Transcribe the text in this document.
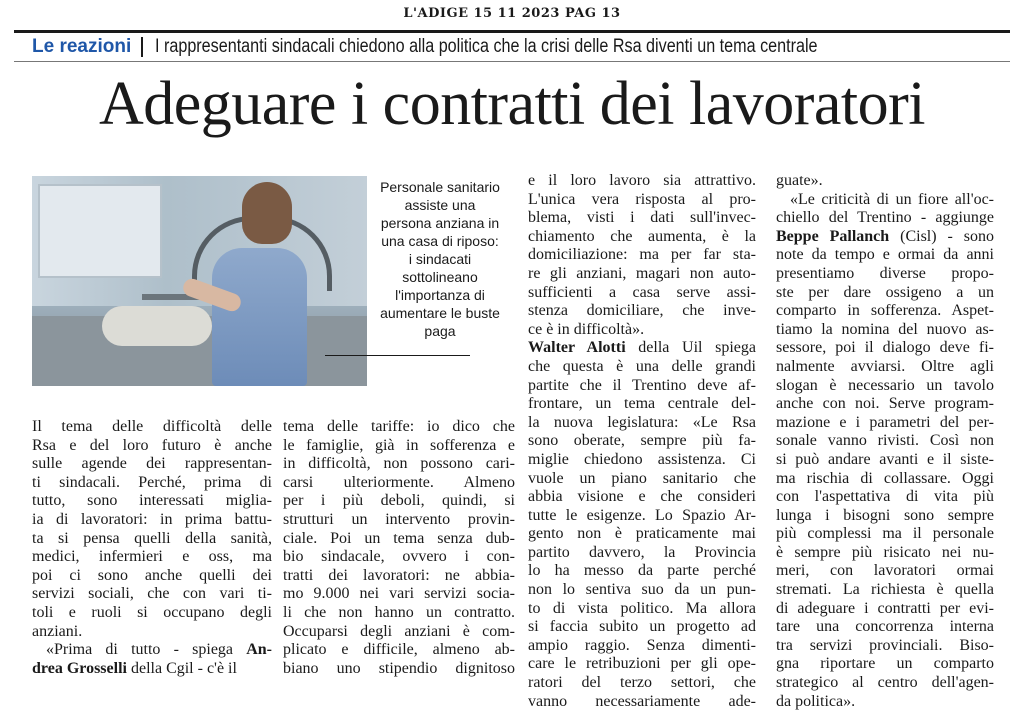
L'ADIGE 15 11 2023 PAG 13
Le reazioni	I rappresentanti sindacali chiedono alla politica che la crisi delle Rsa diventi un tema centrale
Adeguare i contratti dei lavoratori
Personale sanitario assiste una persona anziana in una casa di riposo: i sindacati sottolineano l'importanza di aumentare le buste paga
Il tema delle difficoltà delle
Rsa e del loro futuro è anche
sulle agende dei rappresentan-
ti sindacali. Perché, prima di
tutto, sono interessati miglia-
ia di lavoratori: in prima battu-
ta si pensa quelli della sanità,
medici, infermieri e oss, ma
poi ci sono anche quelli dei
servizi sociali, che con vari ti-
toli e ruoli si occupano degli
anziani.
«Prima di tutto - spiega An-
drea Grosselli della Cgil - c'è il
tema delle tariffe: io dico che
le famiglie, già in sofferenza e
in difficoltà, non possono cari-
carsi ulteriormente. Almeno
per i più deboli, quindi, si
strutturi un intervento provin-
ciale. Poi un tema senza dub-
bio sindacale, ovvero i con-
tratti dei lavoratori: ne abbia-
mo 9.000 nei vari servizi socia-
li che non hanno un contratto.
Occuparsi degli anziani è com-
plicato e difficile, almeno ab-
biano uno stipendio dignitoso
e il loro lavoro sia attrattivo.
L'unica vera risposta al pro-
blema, visti i dati sull'invec-
chiamento che aumenta, è la
domiciliazione: ma per far sta-
re gli anziani, magari non auto-
sufficienti a casa serve assi-
stenza domiciliare, che inve-
ce è in difficoltà».
Walter Alotti della Uil spiega
che questa è una delle grandi
partite che il Trentino deve af-
frontare, un tema centrale del-
la nuova legislatura: «Le Rsa
sono oberate, sempre più fa-
miglie chiedono assistenza. Ci
vuole un piano sanitario che
abbia visione e che consideri
tutte le esigenze. Lo Spazio Ar-
gento non è praticamente mai
partito davvero, la Provincia
lo ha messo da parte perché
non lo sentiva suo da un pun-
to di vista politico. Ma allora
si faccia subito un progetto ad
ampio raggio. Senza dimenti-
care le retribuzioni per gli ope-
ratori del terzo settori, che
vanno necessariamente ade-
guate».
«Le criticità di un fiore all'oc-
chiello del Trentino - aggiunge
Beppe Pallanch (Cisl) - sono
note da tempo e ormai da anni
presentiamo diverse propo-
ste per dare ossigeno a un
comparto in sofferenza. Aspet-
tiamo la nomina del nuovo as-
sessore, poi il dialogo deve fi-
nalmente avviarsi. Oltre agli
slogan è necessario un tavolo
anche con noi. Serve program-
mazione e i parametri del per-
sonale vanno rivisti. Così non
si può andare avanti e il siste-
ma rischia di collassare. Oggi
con l'aspettativa di vita più
lunga i bisogni sono sempre
più complessi ma il personale
è sempre più risicato nei nu-
meri, con lavoratori ormai
stremati. La richiesta è quella
di adeguare i contratti per evi-
tare una concorrenza interna
tra servizi provinciali. Biso-
gna riportare un comparto
strategico al centro dell'agen-
da politica».
